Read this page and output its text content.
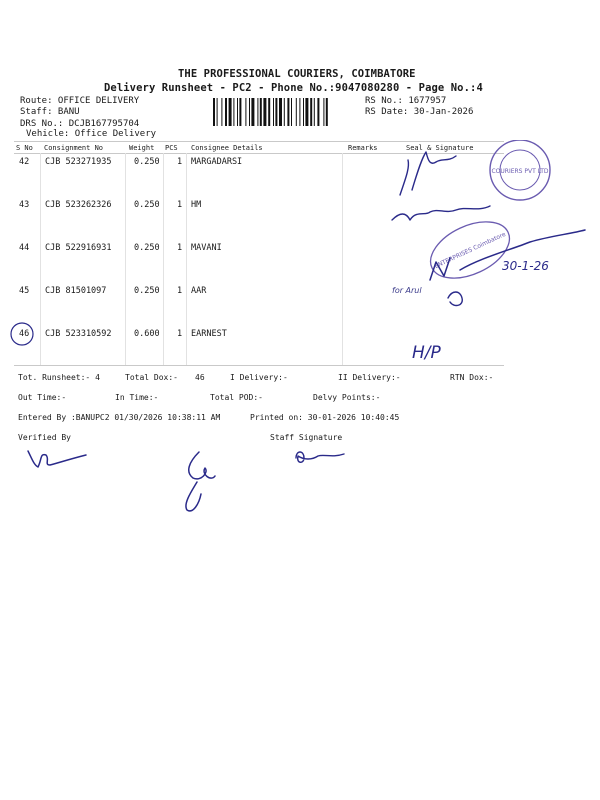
THE PROFESSIONAL COURIERS, COIMBATORE
Delivery Runsheet - PC2 - Phone No.:9047080280 - Page No.:4
Route: OFFICE DELIVERY
Staff: BANU
DRS No.: DCJB167795704
Vehicle: Office Delivery
RS No.: 1677957
RS Date: 30-Jan-2026
S No Consignment No	Weight PCS Consignee Details	Remarks	Seal & Signature
42 CJB 523271935	0.250 1 MARGADARSI
43 CJB 523262326	0.250 1 HM
44 CJB 522916931	0.250 1 MAVANI
45 CJB 81501097	0.250 1 AAR
46 CJB 523310592	0.600 1 EARNEST
COURIERS PVT LTD
ENTERPRISES Coimbatore
30-1-26
for Arul
H/P
Tot. Runsheet:- 4	Total Dox:- 46	I Delivery:-	II Delivery:-	RTN Dox:-
Out Time:-	In Time:-	Total POD:-	Delvy Points:-
Entered By :BANUPC2 01/30/2026 10:38:11 AM	Printed on: 30-01-2026 10:40:45
Verified By	Staff Signature
